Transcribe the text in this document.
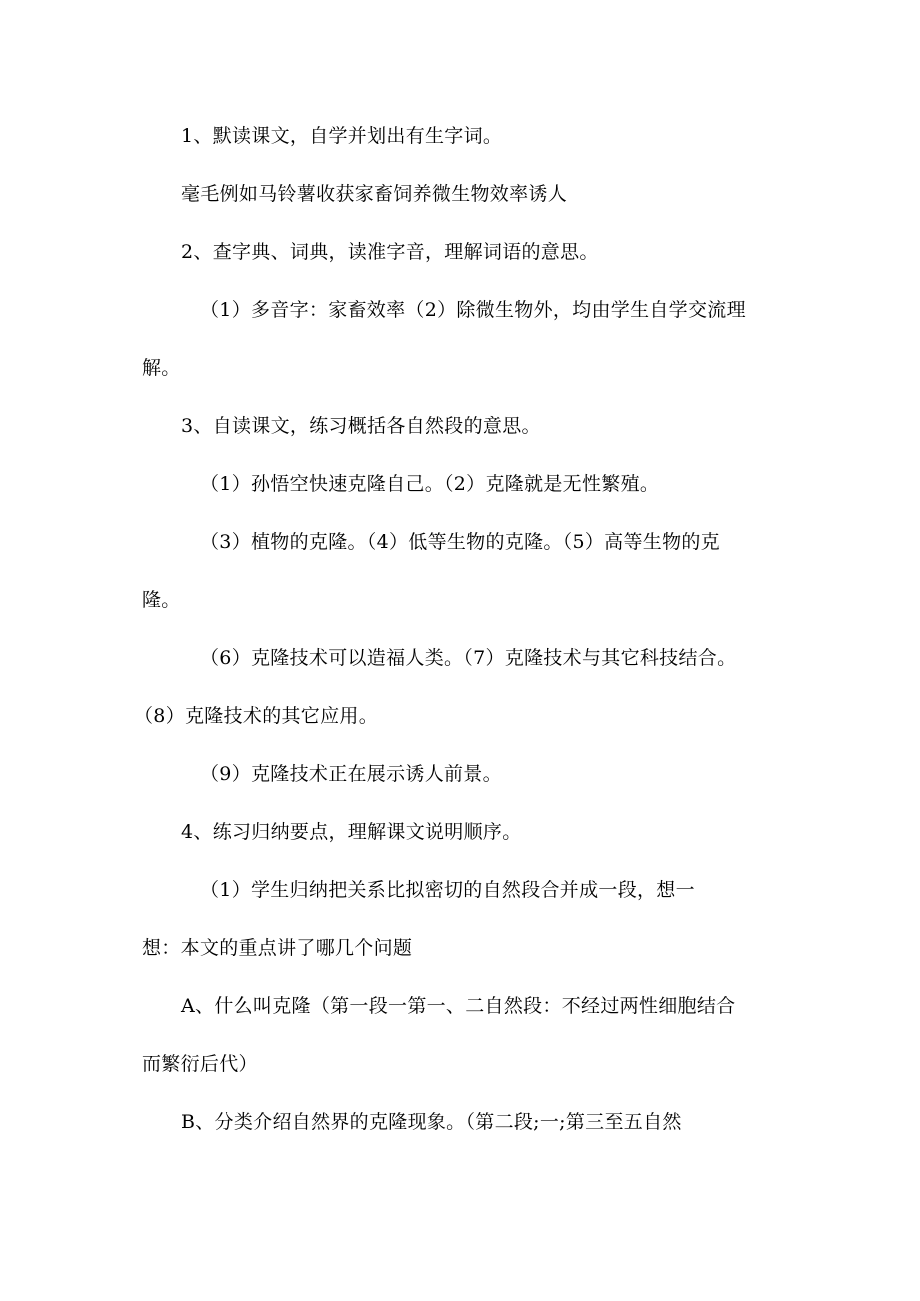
1、默读课文，自学并划出有生字词。
毫毛例如马铃薯收获家畜饲养微生物效率诱人
2、查字典、词典，读准字音，理解词语的意思。
（1）多音字：家畜效率（2）除微生物外，均由学生自学交流理
解。
3、自读课文，练习概括各自然段的意思。
（1）孙悟空快速克隆自己。（2）克隆就是无性繁殖。
（3）植物的克隆。（4）低等生物的克隆。（5）高等生物的克
隆。
（6）克隆技术可以造福人类。（7）克隆技术与其它科技结合。
（8）克隆技术的其它应用。
（9）克隆技术正在展示诱人前景。
4、练习归纳要点，理解课文说明顺序。
（1）学生归纳把关系比拟密切的自然段合并成一段，想一
想：本文的重点讲了哪几个问题
A、什么叫克隆（第一段一第一、二自然段：不经过两性细胞结合
而繁衍后代）
B、分类介绍自然界的克隆现象。（第二段;一;第三至五自然
